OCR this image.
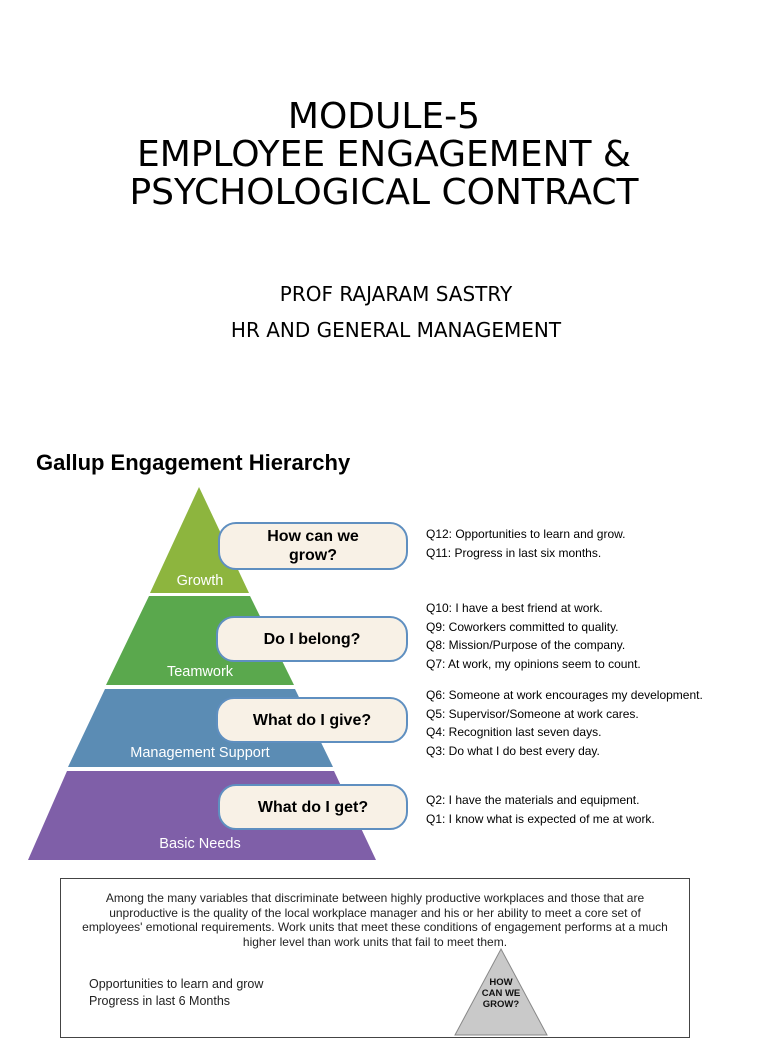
MODULE-5
EMPLOYEE ENGAGEMENT &
PSYCHOLOGICAL CONTRACT
PROF RAJARAM SASTRY
HR AND GENERAL MANAGEMENT
Gallup Engagement Hierarchy
Growth
Teamwork
Management Support
Basic Needs
How can we
grow?
Do I belong?
What do I give?
What do I get?
Q12: Opportunities to learn and grow.
Q11: Progress in last six months.
Q10: I have a best friend at work.
Q9: Coworkers committed to quality.
Q8: Mission/Purpose of the company.
Q7: At work, my opinions seem to count.
Q6: Someone at work encourages my development.
Q5: Supervisor/Someone at work cares.
Q4: Recognition last seven days.
Q3: Do what I do best every day.
Q2: I have the materials and equipment.
Q1: I know what is expected of me at work.
Among the many variables that discriminate between highly productive workplaces and those that are unproductive is the quality of the local workplace manager and his or her ability to meet a core set of employees' emotional requirements. Work units that meet these conditions of engagement performs at a much higher level than work units that fail to meet them.
Opportunities to learn and grow
Progress in last 6 Months
HOW
CAN WE
GROW?
